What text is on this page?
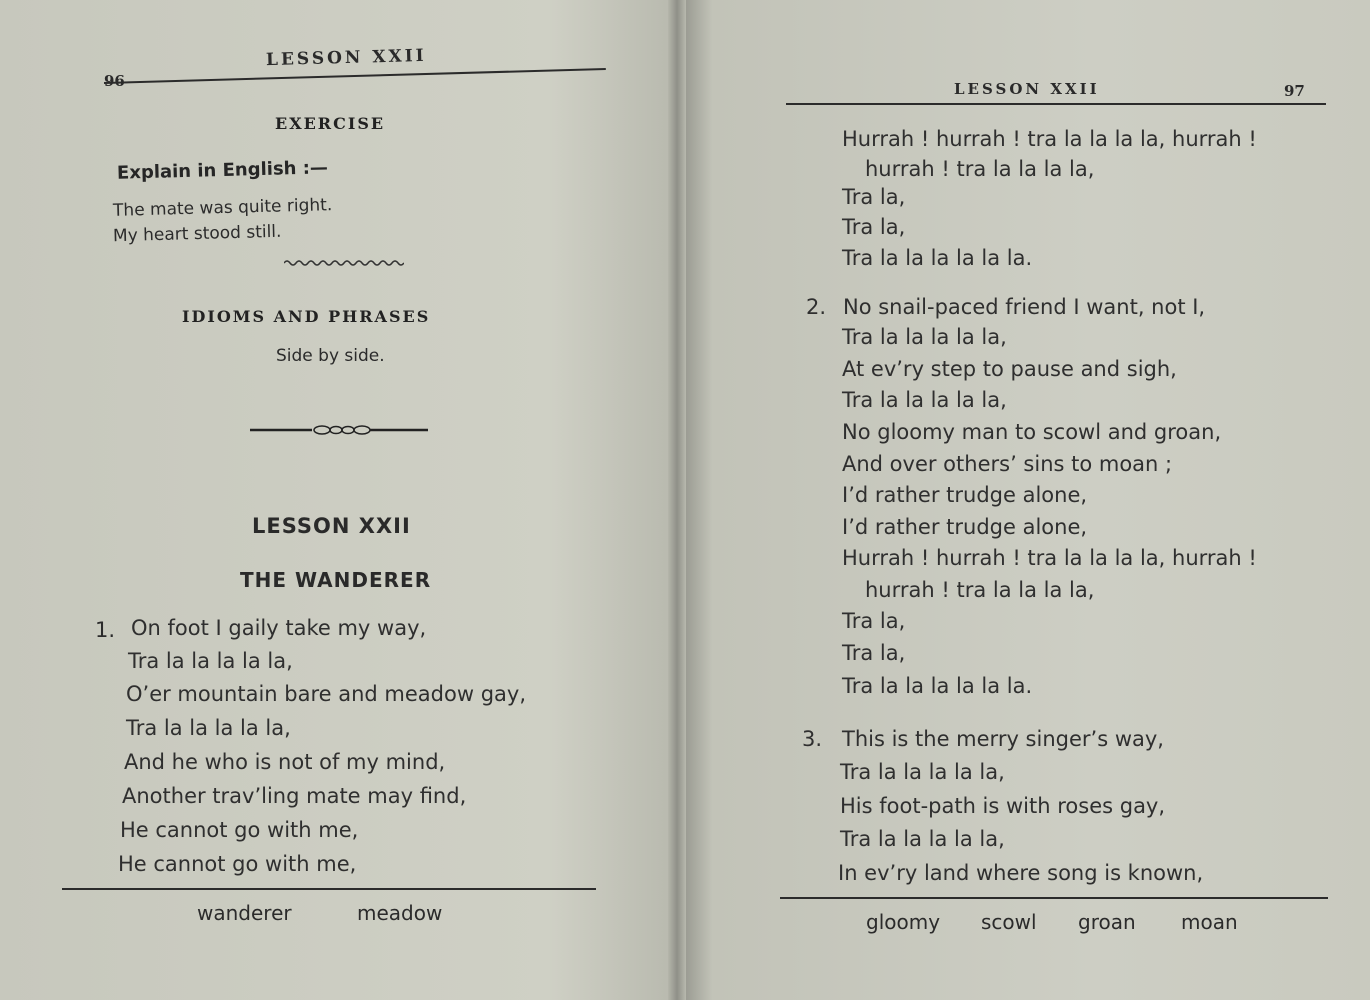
96
LESSON XXII
EXERCISE
Explain in English :—
The mate was quite right.
My heart stood still.
IDIOMS AND PHRASES
Side by side.
LESSON XXII
THE WANDERER
1. On foot I gaily take my way,
Tra la la la la la,
O’er mountain bare and meadow gay,
Tra la la la la la,
And he who is not of my mind,
Another trav’ling mate may find,
He cannot go with me,
He cannot go with me,
wanderer	meadow
LESSON XXII	97
Hurrah ! hurrah ! tra la la la la, hurrah !
hurrah ! tra la la la la,
Tra la,
Tra la,
Tra la la la la la la.
2. No snail-paced friend I want, not I,
Tra la la la la la,
At ev’ry step to pause and sigh,
Tra la la la la la,
No gloomy man to scowl and groan,
And over others’ sins to moan ;
I’d rather trudge alone,
I’d rather trudge alone,
Hurrah ! hurrah ! tra la la la la, hurrah !
hurrah ! tra la la la la,
Tra la,
Tra la,
Tra la la la la la la.
3. This is the merry singer’s way,
Tra la la la la la,
His foot-path is with roses gay,
Tra la la la la la,
In ev’ry land where song is known,
gloomy scowl groan moan
